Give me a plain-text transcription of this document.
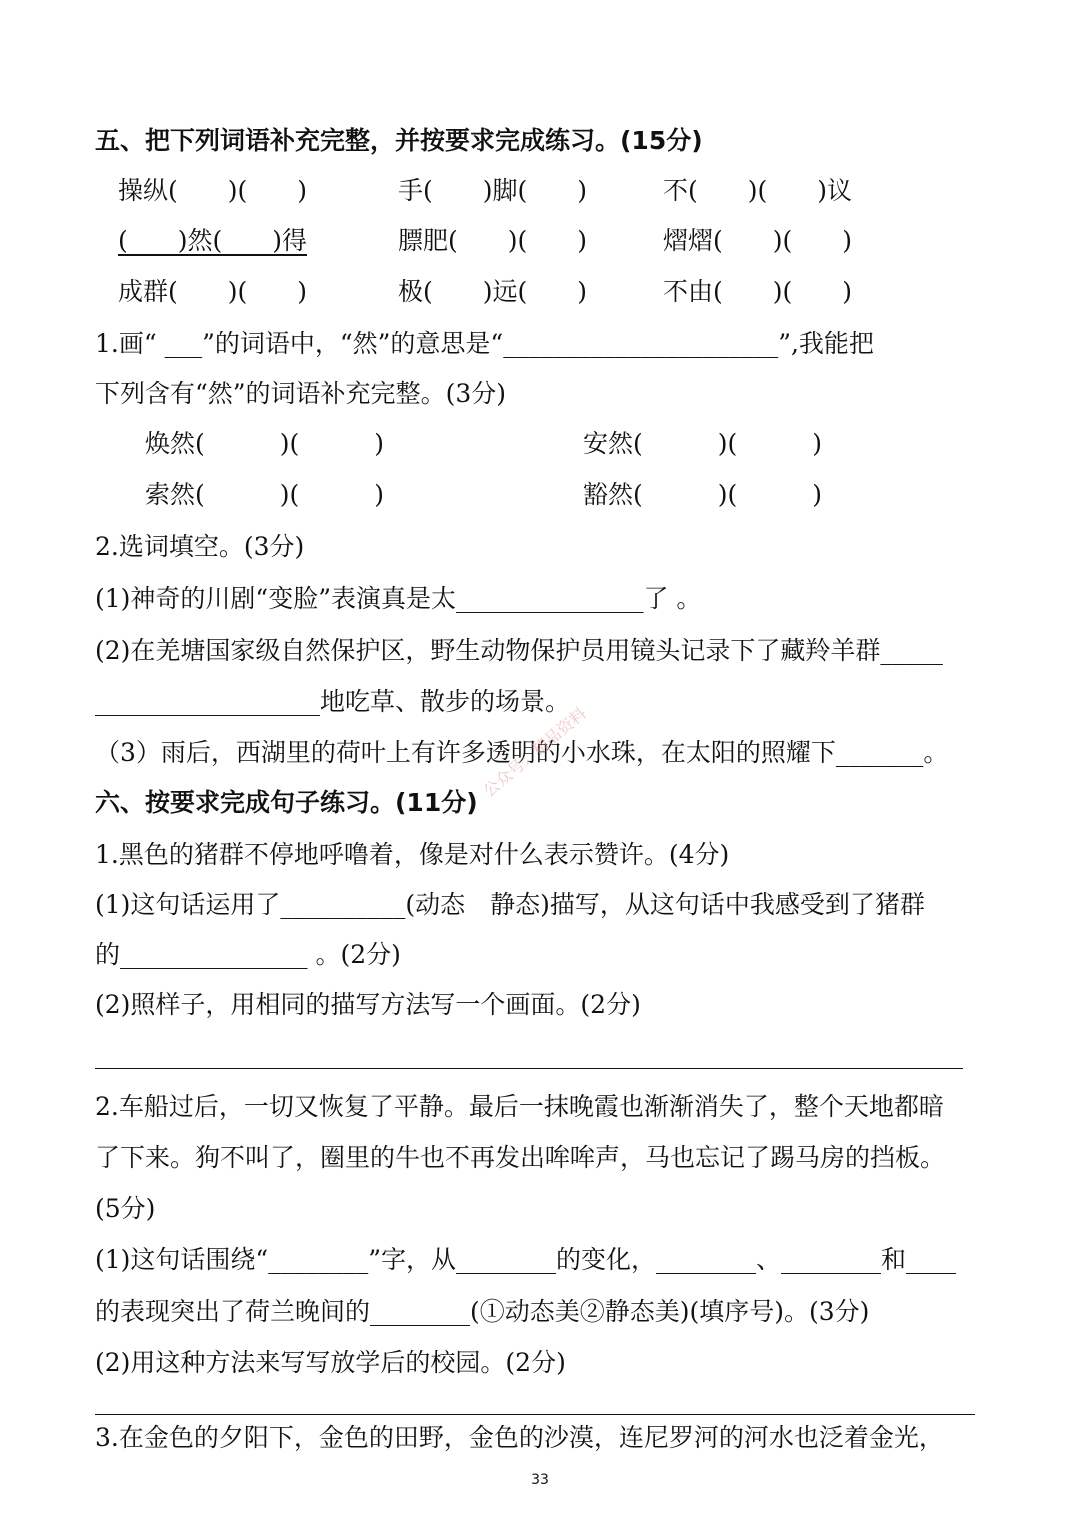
五、把下列词语补充完整，并按要求完成练习。(15分)
操纵(　　)(　　)	手(　　)脚(　　)	不(　　)(　　)议
(　　)然(　　)得	膘肥(　　)(　　)	熠熠(　　)(　　)
成群(　　)(　　)	极(　　)远(　　)	不由(　　)(　　)
1.画“ ___”的词语中，“然”的意思是“______________________”,我能把
下列含有“然”的词语补充完整。(3分)
焕然(　　　)(　　　)	安然(　　　)(　　　)
索然(　　　)(　　　)	豁然(　　　)(　　　)
2.选词填空。(3分)
(1)神奇的川剧“变脸”表演真是太_______________了 。
(2)在羌塘国家级自然保护区，野生动物保护员用镜头记录下了藏羚羊群_____
__________________地吃草、散步的场景。
（3）雨后，西湖里的荷叶上有许多透明的小水珠，在太阳的照耀下_______。
六、按要求完成句子练习。(11分)
1.黑色的猪群不停地呼噜着，像是对什么表示赞许。(4分)
(1)这句话运用了__________(动态　静态)描写，从这句话中我感受到了猪群
的_______________ 。(2分)
(2)照样子，用相同的描写方法写一个画面。(2分)
2.车船过后，一切又恢复了平静。最后一抹晚霞也渐渐消失了，整个天地都暗
了下来。狗不叫了，圈里的牛也不再发出哞哞声，马也忘记了踢马房的挡板。
(5分)
(1)这句话围绕“________”字，从________的变化，________、________和____
的表现突出了荷兰晚间的________(①动态美②静态美)(填序号)。(3分)
(2)用这种方法来写写放学后的校园。(2分)
3.在金色的夕阳下，金色的田野，金色的沙漠，连尼罗河的河水也泛着金光，
公众号：精品资料
33
